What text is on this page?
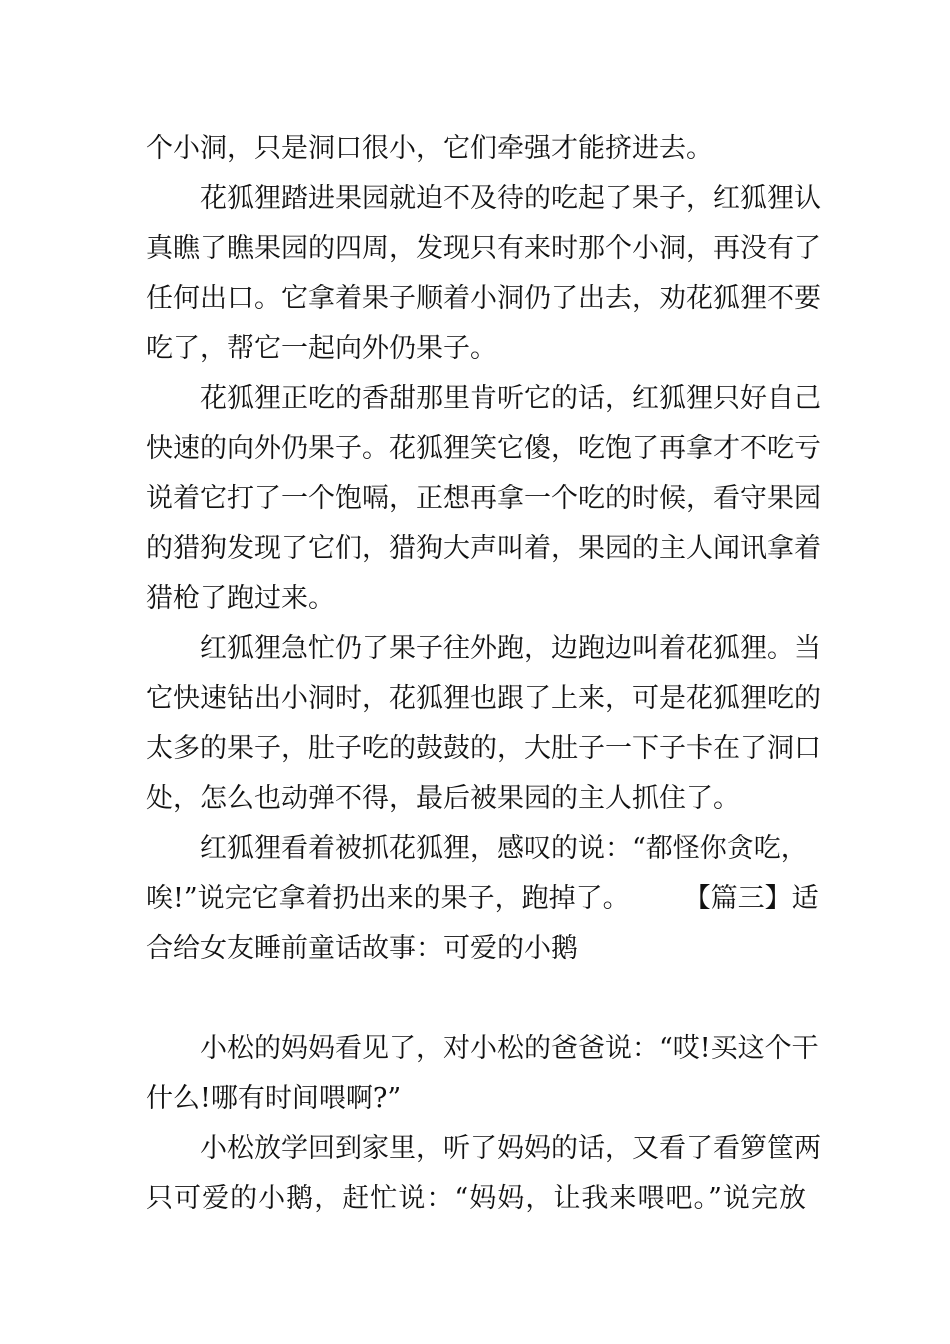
个小洞，只是洞口很小，它们牵强才能挤进去。
花狐狸踏进果园就迫不及待的吃起了果子，红狐狸认
真瞧了瞧果园的四周，发现只有来时那个小洞，再没有了
任何出口。它拿着果子顺着小洞仍了出去，劝花狐狸不要
吃了，帮它一起向外仍果子。
花狐狸正吃的香甜那里肯听它的话，红狐狸只好自己
快速的向外仍果子。花狐狸笑它傻，吃饱了再拿才不吃亏
说着它打了一个饱嗝，正想再拿一个吃的时候，看守果园
的猎狗发现了它们，猎狗大声叫着，果园的主人闻讯拿着
猎枪了跑过来。
红狐狸急忙仍了果子往外跑，边跑边叫着花狐狸。当
它快速钻出小洞时，花狐狸也跟了上来，可是花狐狸吃的
太多的果子，肚子吃的鼓鼓的，大肚子一下子卡在了洞口
处，怎么也动弹不得，最后被果园的主人抓住了。
红狐狸看着被抓花狐狸，感叹的说：“都怪你贪吃，
唉!”说完它拿着扔出来的果子，跑掉了。　　　【篇三】适
合给女友睡前童话故事：可爱的小鹅
小松的妈妈看见了，对小松的爸爸说：“哎!买这个干
什么!哪有时间喂啊?”
小松放学回到家里，听了妈妈的话，又看了看箩筐两
只可爱的小鹅，赶忙说：“妈妈，让我来喂吧。”说完放
